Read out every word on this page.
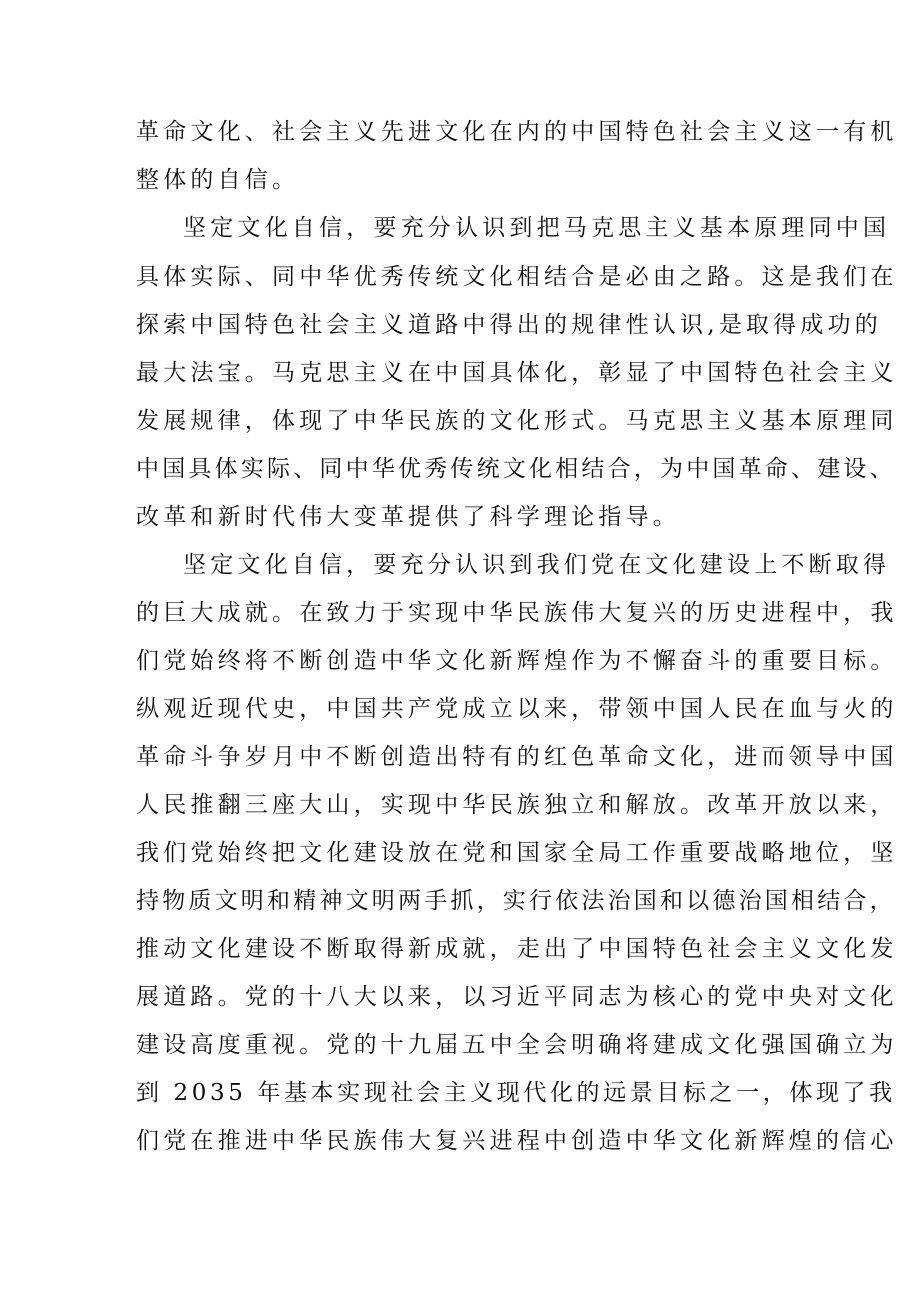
革命文化、社会主义先进文化在内的中国特色社会主义这一有机
整体的自信。
坚定文化自信，要充分认识到把马克思主义基本原理同中国
具体实际、同中华优秀传统文化相结合是必由之路。这是我们在
探索中国特色社会主义道路中得出的规律性认识,是取得成功的
最大法宝。马克思主义在中国具体化，彰显了中国特色社会主义
发展规律，体现了中华民族的文化形式。马克思主义基本原理同
中国具体实际、同中华优秀传统文化相结合，为中国革命、建设、
改革和新时代伟大变革提供了科学理论指导。
坚定文化自信，要充分认识到我们党在文化建设上不断取得
的巨大成就。在致力于实现中华民族伟大复兴的历史进程中，我
们党始终将不断创造中华文化新辉煌作为不懈奋斗的重要目标。
纵观近现代史，中国共产党成立以来，带领中国人民在血与火的
革命斗争岁月中不断创造出特有的红色革命文化，进而领导中国
人民推翻三座大山，实现中华民族独立和解放。改革开放以来，
我们党始终把文化建设放在党和国家全局工作重要战略地位，坚
持物质文明和精神文明两手抓，实行依法治国和以德治国相结合，
推动文化建设不断取得新成就，走出了中国特色社会主义文化发
展道路。党的十八大以来，以习近平同志为核心的党中央对文化
建设高度重视。党的十九届五中全会明确将建成文化强国确立为
到 2035 年基本实现社会主义现代化的远景目标之一，体现了我
们党在推进中华民族伟大复兴进程中创造中华文化新辉煌的信心
